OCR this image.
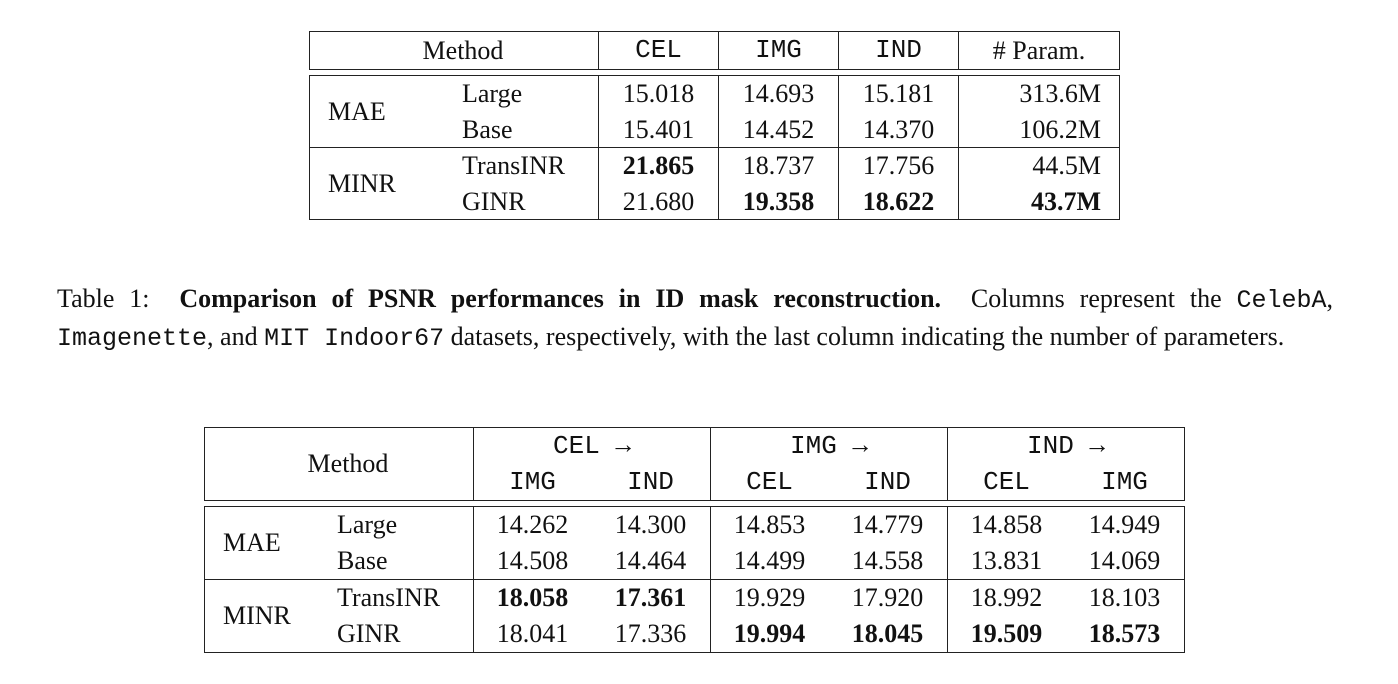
Method		CEL	IMG	IND	# Param.

MAE	Large	15.018	14.693	15.181	313.6M
	Base	15.401	14.452	14.370	106.2M
MINR	TransINR	21.865	18.737	17.756	44.5M
	GINR	21.680	19.358	18.622	43.7M
Table 1: Comparison of PSNR performances in ID mask reconstruction. Columns represent the CelebA, Imagenette, and MIT Indoor67 datasets, respectively, with the last column indicating the number of parameters.
Method		CEL →		IMG →		IND →	
		IMG	IND	CEL	IND	CEL	IMG

MAE	Large	14.262	14.300	14.853	14.779	14.858	14.949
	Base	14.508	14.464	14.499	14.558	13.831	14.069
MINR	TransINR	18.058	17.361	19.929	17.920	18.992	18.103
	GINR	18.041	17.336	19.994	18.045	19.509	18.573
